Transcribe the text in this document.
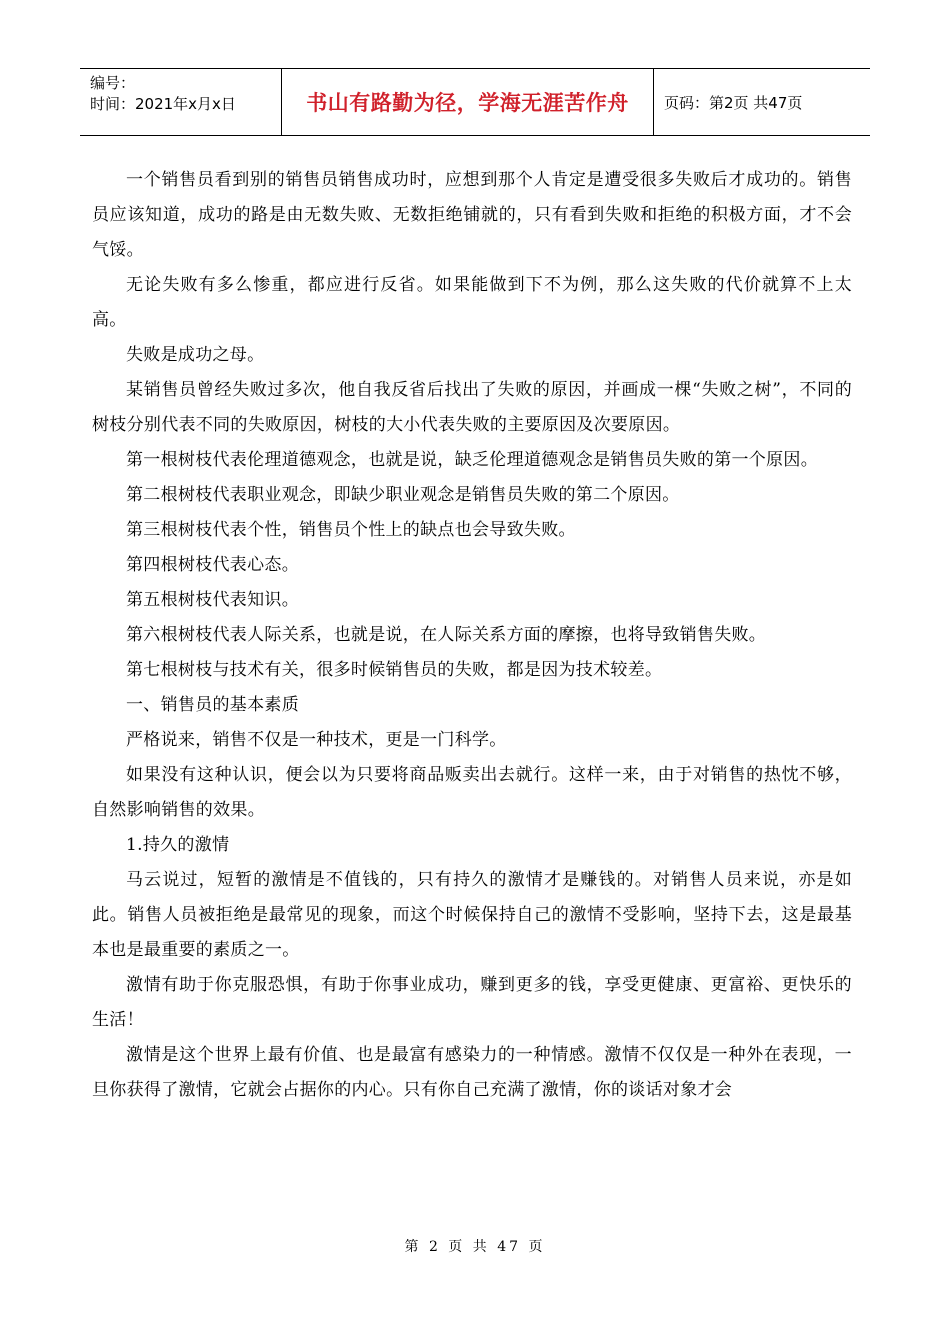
编号：
时间：2021年x月x日	书山有路勤为径，学海无涯苦作舟	页码：第2页 共47页

一个销售员看到别的销售员销售成功时，应想到那个人肯定是遭受很多失败后才成功的。销售员应该知道，成功的路是由无数失败、无数拒绝铺就的，只有看到失败和拒绝的积极方面，才不会气馁。

无论失败有多么惨重，都应进行反省。如果能做到下不为例，那么这失败的代价就算不上太高。

失败是成功之母。

某销售员曾经失败过多次，他自我反省后找出了失败的原因，并画成一棵“失败之树”，不同的树枝分别代表不同的失败原因，树枝的大小代表失败的主要原因及次要原因。

第一根树枝代表伦理道德观念，也就是说，缺乏伦理道德观念是销售员失败的第一个原因。

第二根树枝代表职业观念，即缺少职业观念是销售员失败的第二个原因。

第三根树枝代表个性，销售员个性上的缺点也会导致失败。

第四根树枝代表心态。

第五根树枝代表知识。

第六根树枝代表人际关系，也就是说，在人际关系方面的摩擦，也将导致销售失败。

第七根树枝与技术有关，很多时候销售员的失败，都是因为技术较差。

一、销售员的基本素质

严格说来，销售不仅是一种技术，更是一门科学。

如果没有这种认识，便会以为只要将商品贩卖出去就行。这样一来，由于对销售的热忱不够，自然影响销售的效果。

1.持久的激情

马云说过，短暂的激情是不值钱的，只有持久的激情才是赚钱的。对销售人员来说，亦是如此。销售人员被拒绝是最常见的现象，而这个时候保持自己的激情不受影响，坚持下去，这是最基本也是最重要的素质之一。

激情有助于你克服恐惧，有助于你事业成功，赚到更多的钱，享受更健康、更富裕、更快乐的生活！

激情是这个世界上最有价值、也是最富有感染力的一种情感。激情不仅仅是一种外在表现，一旦你获得了激情，它就会占据你的内心。只有你自己充满了激情，你的谈话对象才会

第 2 页 共 47 页
